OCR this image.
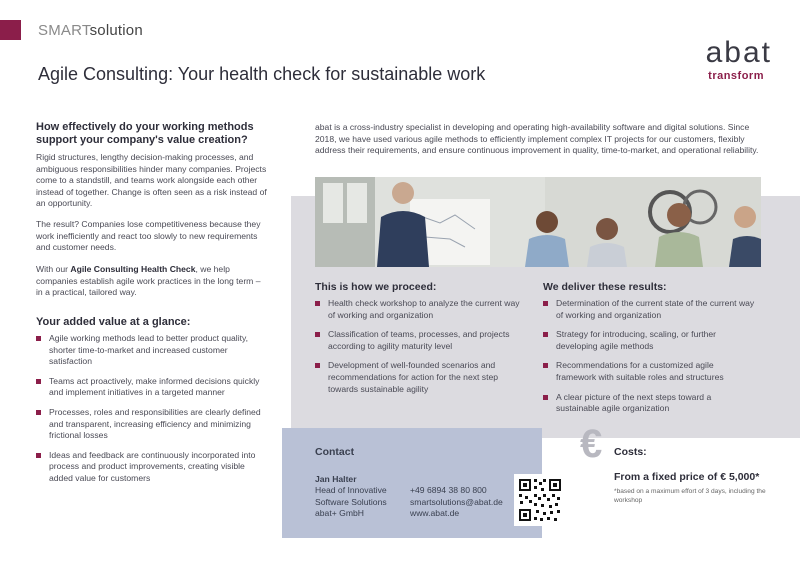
SMARTsolution
Agile Consulting: Your health check for sustainable work
abat
transform
How effectively do your working methods support your company's value creation?
Rigid structures, lengthy decision-making processes, and ambiguous responsibilities hinder many companies. Projects come to a standstill, and teams work alongside each other instead of together. Change is often seen as a risk instead of an opportunity.
The result? Companies lose competitiveness because they work inefficiently and react too slowly to new requirements and customer needs.
With our Agile Consulting Health Check, we help companies establish agile work practices in the long term – in a practical, tailored way.
Your added value at a glance:
Agile working methods lead to better product quality, shorter time-to-market and increased customer satisfaction
Teams act proactively, make informed decisions quickly and implement initiatives in a targeted manner
Processes, roles and responsibilities are clearly defined and transparent, increasing efficiency and minimizing frictional losses
Ideas and feedback are continuously incorporated into process and product improvements, creating visible added value for customers
abat is a cross-industry specialist in developing and operating high-availability software and digital solutions. Since 2018, we have used various agile methods to efficiently implement complex IT projects for our customers, flexibly address their requirements, and ensure continuous improvement in quality, time-to-market, and operational reliability.
This is how we proceed:
Health check workshop to analyze the current way of working and organization
Classification of teams, processes, and projects according to agility maturity level
Development of well-founded scenarios and recommendations for action for the next step towards sustainable agility
We deliver these results:
Determination of the current state of the current way of working and organization
Strategy for introducing, scaling, or further developing agile methods
Recommendations for a customized agile framework with suitable roles and structures
A clear picture of the next steps toward a sustainable agile organization
Contact
Jan Halter
Head of Innovative
Software Solutions
abat+ GmbH
+49 6894 38 80 800
smartsolutions@abat.de
www.abat.de
€ Costs:
From a fixed price of € 5,000*
*based on a maximum effort of 3 days, including the workshop
